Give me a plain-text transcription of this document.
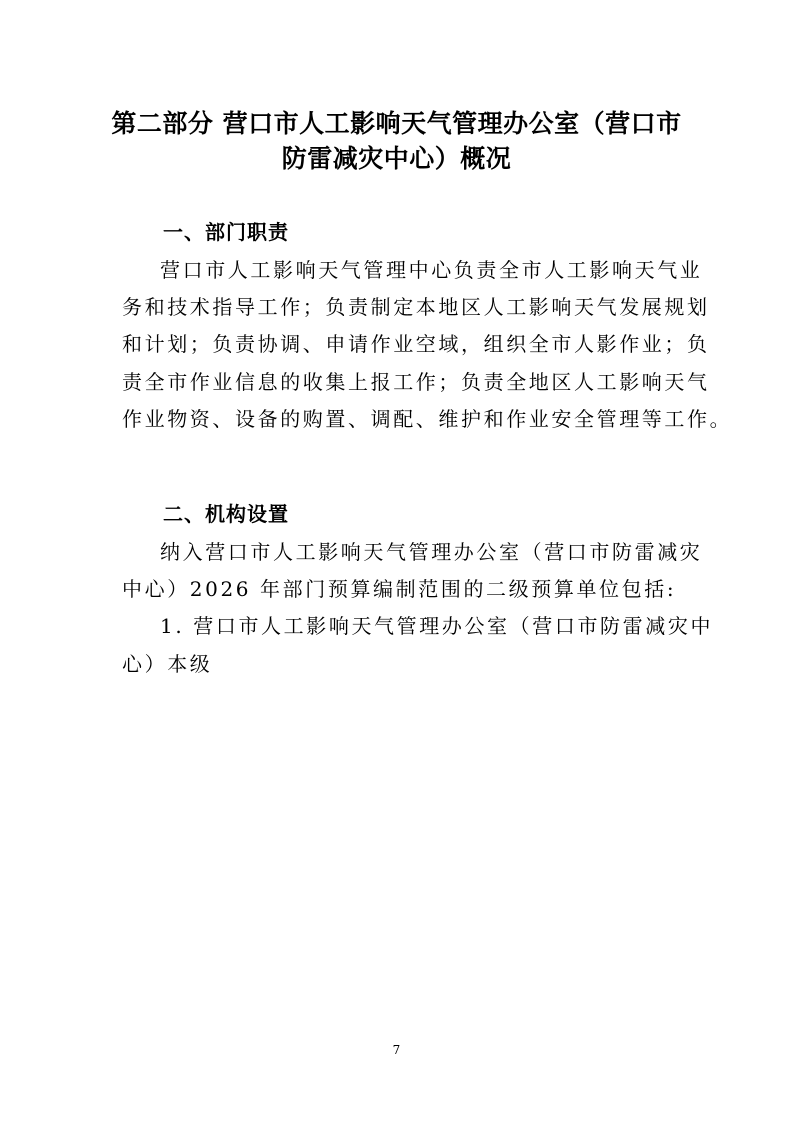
第二部分 营口市人工影响天气管理办公室（营口市
防雷减灾中心）概况
一、部门职责
营口市人工影响天气管理中心负责全市人工影响天气业
务和技术指导工作；负责制定本地区人工影响天气发展规划
和计划；负责协调、申请作业空域，组织全市人影作业；负
责全市作业信息的收集上报工作；负责全地区人工影响天气
作业物资、设备的购置、调配、维护和作业安全管理等工作。
二、机构设置
纳入营口市人工影响天气管理办公室（营口市防雷减灾
中心）2026 年部门预算编制范围的二级预算单位包括:
1. 营口市人工影响天气管理办公室（营口市防雷减灾中
心）本级
7
